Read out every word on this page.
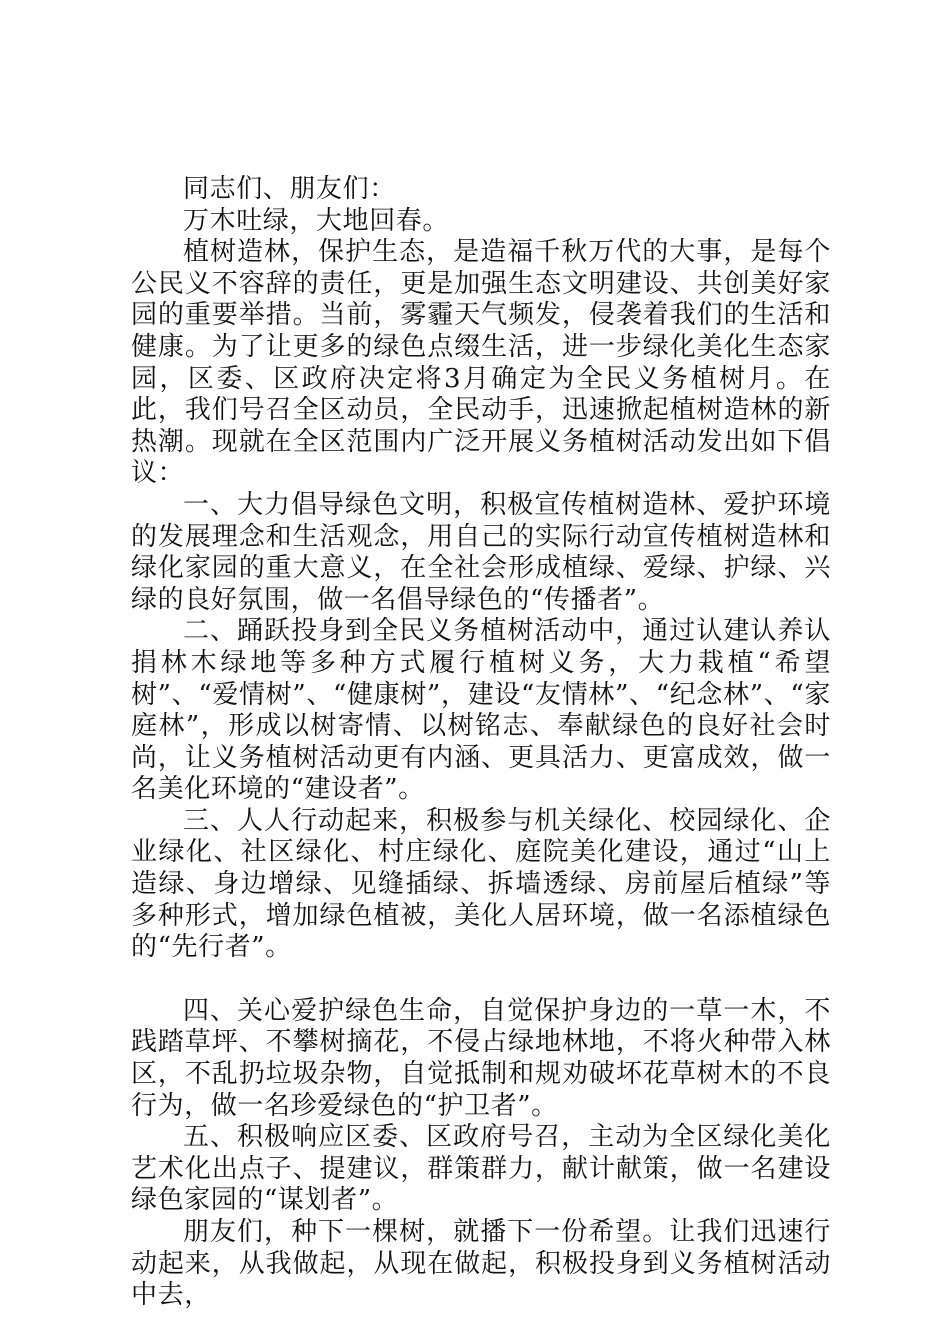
同志们、朋友们：

万木吐绿，大地回春。

植树造林，保护生态，是造福千秋万代的大事，是每个公民义不容辞的责任，更是加强生态文明建设、共创美好家园的重要举措。当前，雾霾天气频发，侵袭着我们的生活和健康。为了让更多的绿色点缀生活，进一步绿化美化生态家园，区委、区政府决定将3月确定为全民义务植树月。在此，我们号召全区动员，全民动手，迅速掀起植树造林的新热潮。现就在全区范围内广泛开展义务植树活动发出如下倡议：

一、大力倡导绿色文明，积极宣传植树造林、爱护环境的发展理念和生活观念，用自己的实际行动宣传植树造林和绿化家园的重大意义，在全社会形成植绿、爱绿、护绿、兴绿的良好氛围，做一名倡导绿色的“传播者”。

二、踊跃投身到全民义务植树活动中，通过认建认养认捐林木绿地等多种方式履行植树义务，大力栽植“希望树”、“爱情树”、“健康树”，建设“友情林”、“纪念林”、“家庭林”，形成以树寄情、以树铭志、奉献绿色的良好社会时尚，让义务植树活动更有内涵、更具活力、更富成效，做一名美化环境的“建设者”。

三、人人行动起来，积极参与机关绿化、校园绿化、企业绿化、社区绿化、村庄绿化、庭院美化建设，通过“山上造绿、身边增绿、见缝插绿、拆墙透绿、房前屋后植绿”等多种形式，增加绿色植被，美化人居环境，做一名添植绿色的“先行者”。

四、关心爱护绿色生命，自觉保护身边的一草一木，不践踏草坪、不攀树摘花，不侵占绿地林地，不将火种带入林区，不乱扔垃圾杂物，自觉抵制和规劝破坏花草树木的不良行为，做一名珍爱绿色的“护卫者”。

五、积极响应区委、区政府号召，主动为全区绿化美化艺术化出点子、提建议，群策群力，献计献策，做一名建设绿色家园的“谋划者”。

朋友们，种下一棵树，就播下一份希望。让我们迅速行动起来，从我做起，从现在做起，积极投身到义务植树活动中去，
